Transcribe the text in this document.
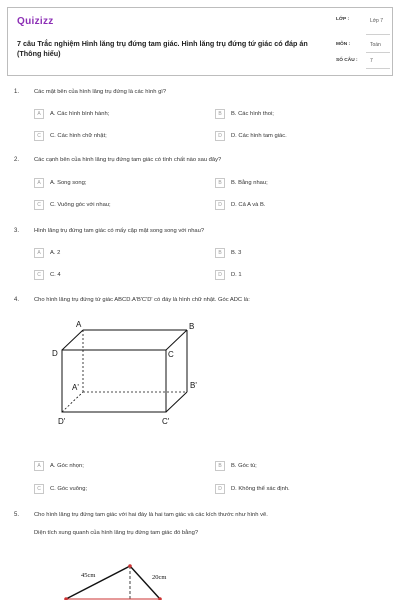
Quizizz
7 câu Trắc nghiệm Hình lăng trụ đứng tam giác. Hình lăng trụ đứng tứ giác có đáp án (Thông hiểu)
LỚP :	Lớp 7
MÔN :	Toán
SỐ CÂU : 7
1.	Các mặt bên của hình lăng trụ đứng là các hình gì?
A	A. Các hình bình hành;	B	B. Các hình thoi;
C	C. Các hình chữ nhật;	D	D. Các hình tam giác.
2.	Các cạnh bên của hình lăng trụ đứng tam giác có tính chất nào sau đây?
A	A. Song song;	B	B. Bằng nhau;
C	C. Vuông góc với nhau;	D	D. Cả A và B.
3.	Hình lăng trụ đứng tam giác có mấy cặp mặt song song với nhau?
A	A. 2	B	B. 3
C	C. 4	D	D. 1
4.	Cho hình lăng trụ đứng tứ giác ABCD.A'B'C'D' có đáy là hình chữ nhật. Góc ADC là:
A	B
D	C
A'	B'
D'	C'
A	A. Góc nhọn;	B	B. Góc tù;
C	C. Góc vuông;	D	D. Không thể xác định.
5.	Cho hình lăng trụ đứng tam giác với hai đáy là hai tam giác và các kích thước như hình vẽ.
Diện tích xung quanh của hình lăng trụ đứng tam giác đó bằng?
45cm	20cm
